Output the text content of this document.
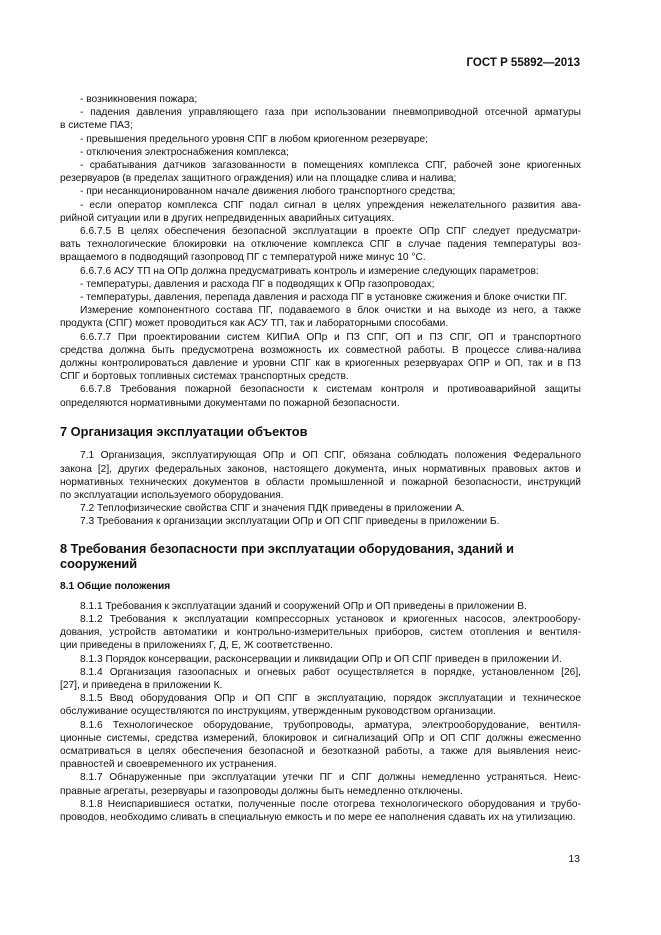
ГОСТ Р 55892—2013

- возникновения пожара;

- падения давления управляющего газа при использовании пневмоприводной отсечной арматуры

в системе ПАЗ;

- превышения предельного уровня СПГ в любом криогенном резервуаре;

- отключения электроснабжения комплекса;

- срабатывания датчиков загазованности в помещениях комплекса СПГ, рабочей зоне криогенных

резервуаров (в пределах защитного ограждения) или на площадке слива и налива;

- при несанкционированном начале движения любого транспортного средства;

- если оператор комплекса СПГ подал сигнал в целях упреждения нежелательного развития ава-

рийной ситуации или в других непредвиденных аварийных ситуациях.

6.6.7.5 В целях обеспечения безопасной эксплуатации в проекте ОПр СПГ следует предусматри-

вать технологические блокировки на отключение комплекса СПГ в случае падения температуры воз-

вращаемого в подводящий газопровод ПГ с температурой ниже минус 10 °С.

6.6.7.6 АСУ ТП на ОПр должна предусматривать контроль и измерение следующих параметров:

- температуры, давления и расхода ПГ в подводящих к ОПр газопроводах;

- температуры, давления, перепада давления и расхода ПГ в установке сжижения и блоке очистки ПГ.

Измерение компонентного состава ПГ, подаваемого в блок очистки и на выходе из него, а также

продукта (СПГ) может проводиться как АСУ ТП, так и лабораторными способами.

6.6.7.7 При проектировании систем КИПиА ОПр и ПЗ СПГ, ОП и ПЗ СПГ, ОП и транспортного

средства должна быть предусмотрена возможность их совместной работы. В процессе слива-налива

должны контролироваться давление и уровни СПГ как в криогенных резервуарах ОПР и ОП, так и в ПЗ

СПГ и бортовых топливных системах транспортных средств.

6.6.7.8 Требования пожарной безопасности к системам контроля и противоаварийной защиты

определяются нормативными документами по пожарной безопасности.

7 Организация эксплуатации объектов

7.1 Организация, эксплуатирующая ОПр и ОП СПГ, обязана соблюдать положения Федерального

закона [2], других федеральных законов, настоящего документа, иных нормативных правовых актов и

нормативных технических документов в области промышленной и пожарной безопасности, инструкций

по эксплуатации используемого оборудования.

7.2 Теплофизические свойства СПГ и значения ПДК приведены в приложении А.

7.3 Требования к организации эксплуатации ОПр и ОП СПГ приведены в приложении Б.

8 Требования безопасности при эксплуатации оборудования, зданий и сооружений
8.1 Общие положения

8.1.1 Требования к эксплуатации зданий и сооружений ОПр и ОП приведены в приложении В.

8.1.2 Требования к эксплуатации компрессорных установок и криогенных насосов, электрообору-

дования, устройств автоматики и контрольно-измерительных приборов, систем отопления и вентиля-

ции приведены в приложениях Г, Д, Е, Ж соответственно.

8.1.3 Порядок консервации, расконсервации и ликвидации ОПр и ОП СПГ приведен в приложении И.

8.1.4 Организация газоопасных и огневых работ осуществляется в порядке, установленном [26],

[27], и приведена в приложении К.

8.1.5 Ввод оборудования ОПр и ОП СПГ в эксплуатацию, порядок эксплуатации и техническое

обслуживание осуществляются по инструкциям, утвержденным руководством организации.

8.1.6 Технологическое оборудование, трубопроводы, арматура, электрооборудование, вентиля-

ционные системы, средства измерений, блокировок и сигнализаций ОПр и ОП СПГ должны ежесменно

осматриваться в целях обеспечения безопасной и безотказной работы, а также для выявления неис-

правностей и своевременного их устранения.

8.1.7 Обнаруженные при эксплуатации утечки ПГ и СПГ должны немедленно устраняться. Неис-

правные агрегаты, резервуары и газопроводы должны быть немедленно отключены.

8.1.8 Неиспарившиеся остатки, полученные после отогрева технологического оборудования и трубо-

проводов, необходимо сливать в специальную емкость и по мере ее наполнения сдавать их на утилизацию.

13
